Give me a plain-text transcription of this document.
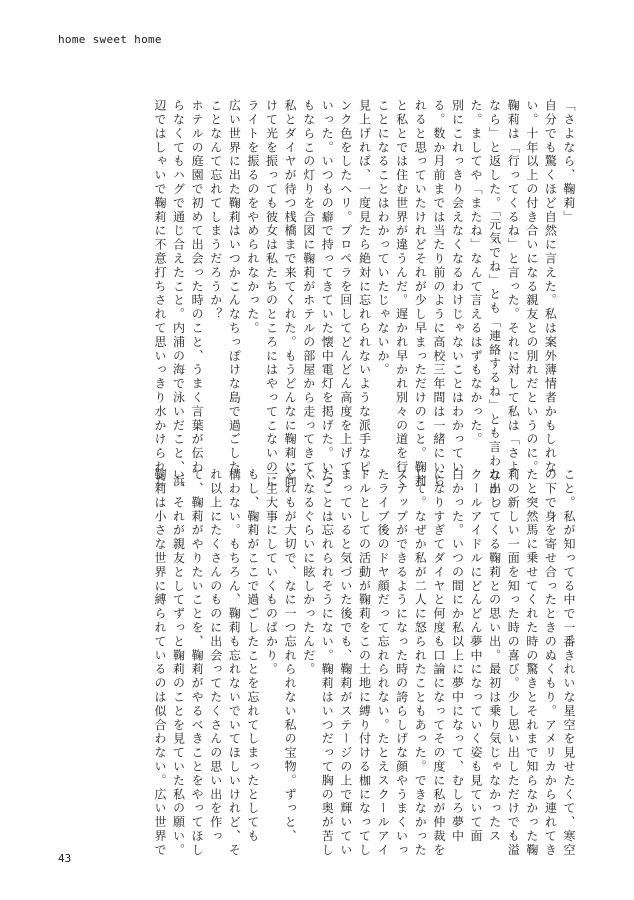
home sweet home
「さよなら、鞠莉」
自分でも驚くほど自然に言えた。私は案外薄情者かもしれな
い。十年以上の付き合いになる親友との別れだというのに。
鞠莉は「行ってくるね」と言った。それに対して私は「さよ
なら」と返した。「元気でね」とも「連絡するね」とも言わなかっ
た。ましてや「またね」なんて言えるはずもなかった。
別にこれっきり会えなくなるわけじゃないことはわかってい
る。数か月前までは当たり前のように高校三年間は一緒にいら
れると思っていたけれどそれが少し早まっただけのこと。鞠莉
と私とでは住む世界が違うんだ。遅かれ早かれ別々の道を行く
ことになることはわかっていたじゃないか。
見上げれば、一度見たら絶対に忘れられないような派手なピ
ンク色をしたヘリ。プロペラを回してどんどん高度を上げて
いった。いつもの癖で持ってきていた懐中電灯を掲げた。いつ
もならこの灯りを合図に鞠莉がホテルの部屋から走ってきて、
私とダイヤが待つ桟橋まで来てくれた。もうどんなに鞠莉に向
けて光を振っても彼女は私たちのところにはやってこないのに
ライトを振るのをやめられなかった。
広い世界に出た鞠莉はいつかこんなちっぽけな島で過ごした
ことなんて忘れてしまうだろうか？
ホテルの庭園で初めて出会った時のこと、うまく言葉が伝わ
らなくてもハグで通じ合えたこと。内浦の海で泳いだこと、浜
辺ではしゃいで鞠莉に不意打ちされて思いっきり水かけられた
こと。私が知ってる中で一番きれいな星空を見せたくて、寒空
の下で身を寄せ合ったときのぬくもり。アメリカから連れてき
たと突然馬に乗せてくれた時の驚きとそれまで知らなかった鞠
莉の新しい一面を知った時の喜び。少し思い出しただけでも溢
れ出してくる鞠莉との思い出。最初は乗り気じゃなかったス
クールアイドルにどんどん夢中になっていく姿も見ていて面
白かった。いつの間にか私以上に夢中になって、むしろ夢中
になりすぎてダイヤと何度も口論になってその度に私が仲裁を
して。なぜか私が二人に怒られたこともあった。できなかった
ステップができるようになった時の誇らしげな顔やうまくいっ
たライブ後のドヤ顔だって忘れられない。たとえスクールアイ
ドルとしての活動が鞠莉をこの土地に縛り付ける枷になってし
まっていると気づいた後でも、鞠莉がステージの上で輝いてい
たことは忘れられそうにない。鞠莉はいつだって胸の奥が苦し
くなるぐらいに眩しかったんだ。
どれもが大切で、なに一つ忘れられない私の宝物。ずっと、
一生大事にしていくものばかり。
もし、鞠莉がここで過ごしたことを忘れてしまったとしても
構わない。もちろん、鞠莉も忘れないでいてほしいけれど、そ
れ以上にたくさんのものに出会ってたくさんの思い出を作っ
て、鞠莉がやりたいことを、鞠莉がやるべきことをやってほし
い。それが親友としてずっと鞠莉のことを見ていた私の願い。
鞠莉は小さな世界に縛られているのは似合わない。広い世界で
43
